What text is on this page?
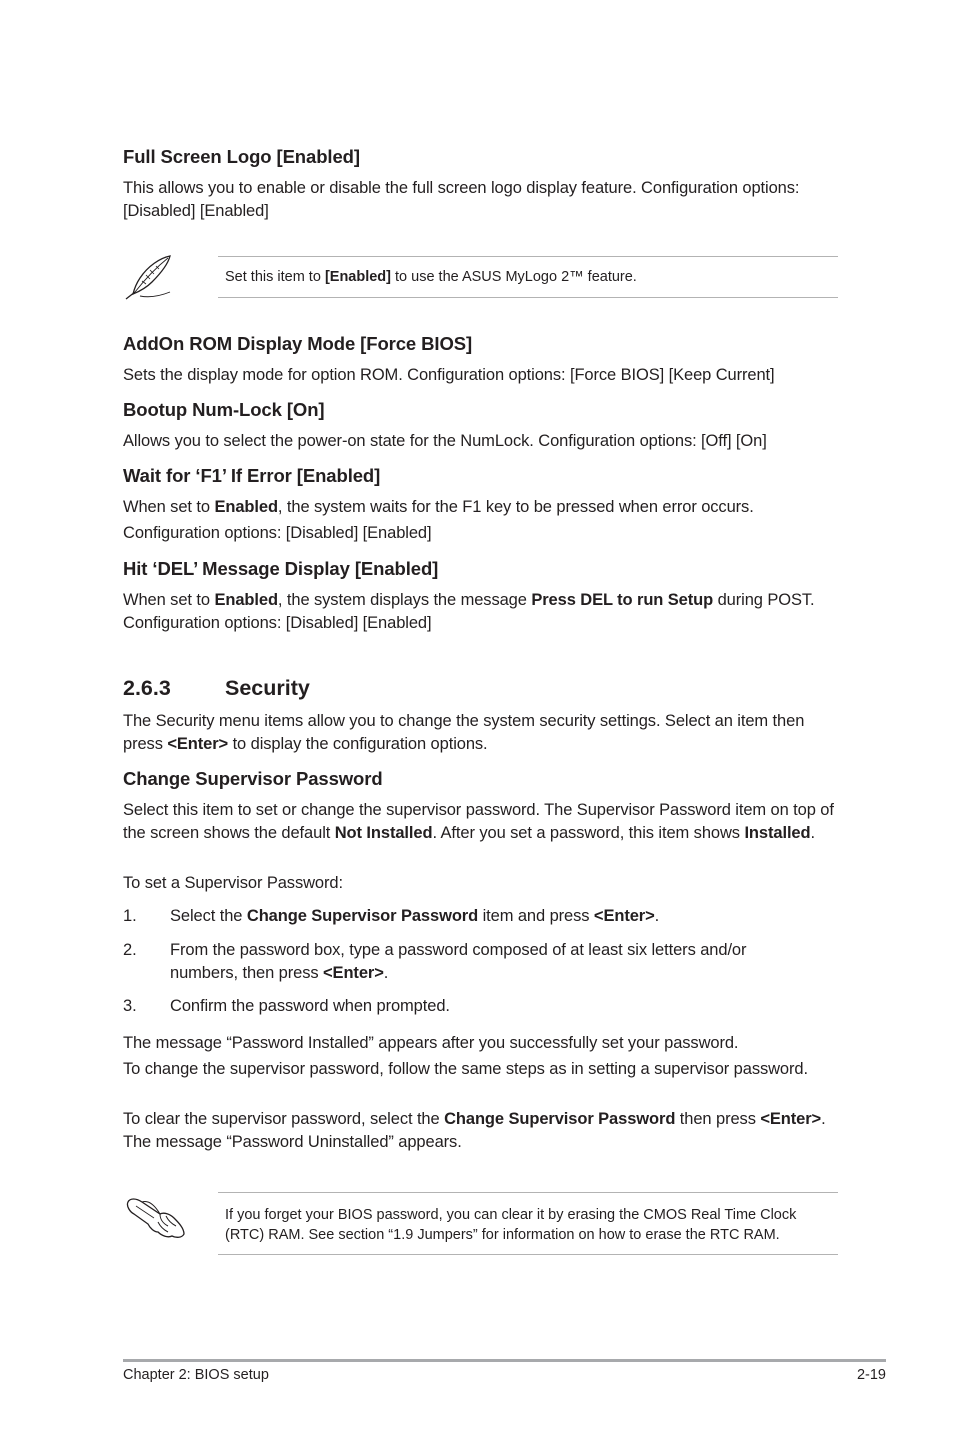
Full Screen Logo [Enabled]
This allows you to enable or disable the full screen logo display feature. Configuration options: [Disabled] [Enabled]
Set this item to [Enabled] to use the ASUS MyLogo 2™ feature.
AddOn ROM Display Mode [Force BIOS]
Sets the display mode for option ROM. Configuration options: [Force BIOS] [Keep Current]
Bootup Num-Lock [On]
Allows you to select the power-on state for the NumLock. Configuration options: [Off] [On]
Wait for ‘F1’ If Error [Enabled]
When set to Enabled, the system waits for the F1 key to be pressed when error occurs.
Configuration options: [Disabled] [Enabled]
Hit ‘DEL’ Message Display [Enabled]
When set to Enabled, the system displays the message Press DEL to run Setup during POST. Configuration options: [Disabled] [Enabled]
2.6.3	Security
The Security menu items allow you to change the system security settings. Select an item then press <Enter> to display the configuration options.
Change Supervisor Password
Select this item to set or change the supervisor password. The Supervisor Password item on top of the screen shows the default Not Installed. After you set a password, this item shows Installed.
To set a Supervisor Password:
1. Select the Change Supervisor Password item and press <Enter>.
2. From the password box, type a password composed of at least six letters and/or numbers, then press <Enter>.
3. Confirm the password when prompted.
The message “Password Installed” appears after you successfully set your password.
To change the supervisor password, follow the same steps as in setting a supervisor password.
To clear the supervisor password, select the Change Supervisor Password then press <Enter>. The message “Password Uninstalled” appears.
If you forget your BIOS password, you can clear it by erasing the CMOS Real Time Clock (RTC) RAM. See section “1.9 Jumpers” for information on how to erase the RTC RAM.
Chapter 2: BIOS setup	2-19
